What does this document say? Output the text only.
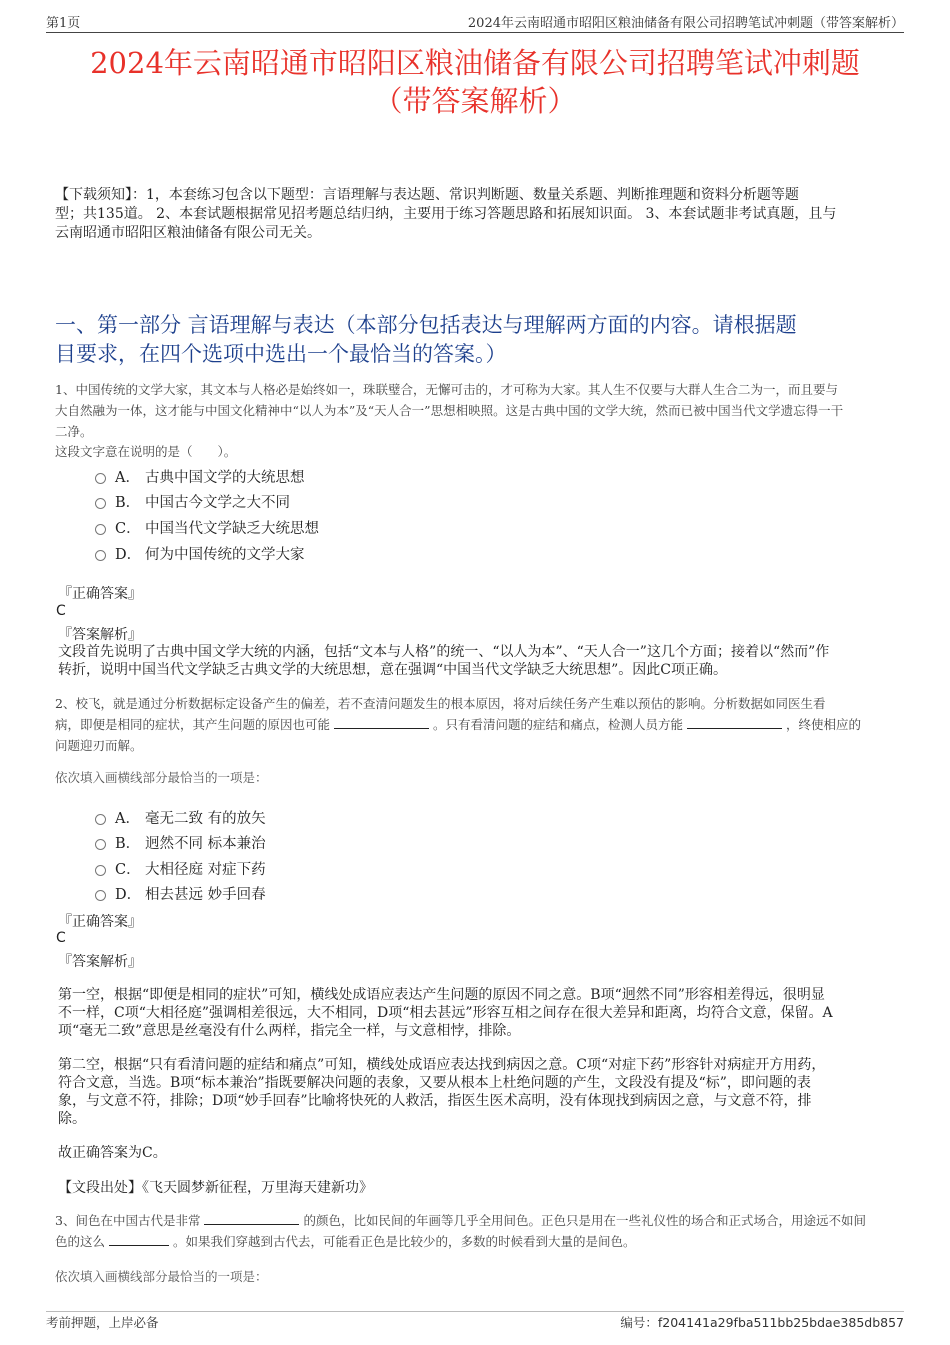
第1页	2024年云南昭通市昭阳区粮油储备有限公司招聘笔试冲刺题（带答案解析）
2024年云南昭通市昭阳区粮油储备有限公司招聘笔试冲刺题
（带答案解析）
【下载须知】：1，本套练习包含以下题型：言语理解与表达题、常识判断题、数量关系题、判断推理题和资料分析题等题
型；共135道。 2、本套试题根据常见招考题总结归纳，主要用于练习答题思路和拓展知识面。 3、本套试题非考试真题，且与
云南昭通市昭阳区粮油储备有限公司无关。
一、第一部分 言语理解与表达（本部分包括表达与理解两方面的内容。请根据题
目要求，在四个选项中选出一个最恰当的答案。）
1、中国传统的文学大家，其文本与人格必是始终如一，珠联璧合，无懈可击的，才可称为大家。其人生不仅要与大群人生合二为一，而且要与
大自然融为一体，这才能与中国文化精神中“以人为本”及“天人合一”思想相映照。这是古典中国的文学大统，然而已被中国当代文学遗忘得一干
二净。
这段文字意在说明的是（　　）。
A． 古典中国文学的大统思想
B． 中国古今文学之大不同
C． 中国当代文学缺乏大统思想
D． 何为中国传统的文学大家
『正确答案』
C
『答案解析』
文段首先说明了古典中国文学大统的内涵，包括“文本与人格”的统一、“以人为本”、“天人合一”这几个方面；接着以“然而”作
转折，说明中国当代文学缺乏古典文学的大统思想，意在强调“中国当代文学缺乏大统思想”。因此C项正确。
2、校飞，就是通过分析数据标定设备产生的偏差，若不查清问题发生的根本原因，将对后续任务产生难以预估的影响。分析数据如同医生看
病，即便是相同的症状，其产生问题的原因也可能	。只有看清问题的症结和痛点，检测人员方能	，终使相应的
问题迎刃而解。
依次填入画横线部分最恰当的一项是：
A． 毫无二致 有的放矢
B． 迥然不同 标本兼治
C． 大相径庭 对症下药
D． 相去甚远 妙手回春
『正确答案』
C
『答案解析』
第一空，根据“即便是相同的症状”可知，横线处成语应表达产生问题的原因不同之意。B项“迥然不同”形容相差得远，很明显
不一样，C项“大相径庭”强调相差很远，大不相同，D项“相去甚远”形容互相之间存在很大差异和距离，均符合文意，保留。A
项“毫无二致”意思是丝毫没有什么两样，指完全一样，与文意相悖，排除。
第二空，根据“只有看清问题的症结和痛点”可知，横线处成语应表达找到病因之意。C项“对症下药”形容针对病症开方用药，
符合文意，当选。B项“标本兼治”指既要解决问题的表象，又要从根本上杜绝问题的产生，文段没有提及“标”，即问题的表
象，与文意不符，排除；D项“妙手回春”比喻将快死的人救活，指医生医术高明，没有体现找到病因之意，与文意不符，排
除。
故正确答案为C。
【文段出处】《飞天圆梦新征程，万里海天建新功》
3、间色在中国古代是非常	的颜色，比如民间的年画等几乎全用间色。正色只是用在一些礼仪性的场合和正式场合，用途远不如间
色的这么	。如果我们穿越到古代去，可能看正色是比较少的，多数的时候看到大量的是间色。
依次填入画横线部分最恰当的一项是：
考前押题，上岸必备	编号：f204141a29fba511bb25bdae385db857
